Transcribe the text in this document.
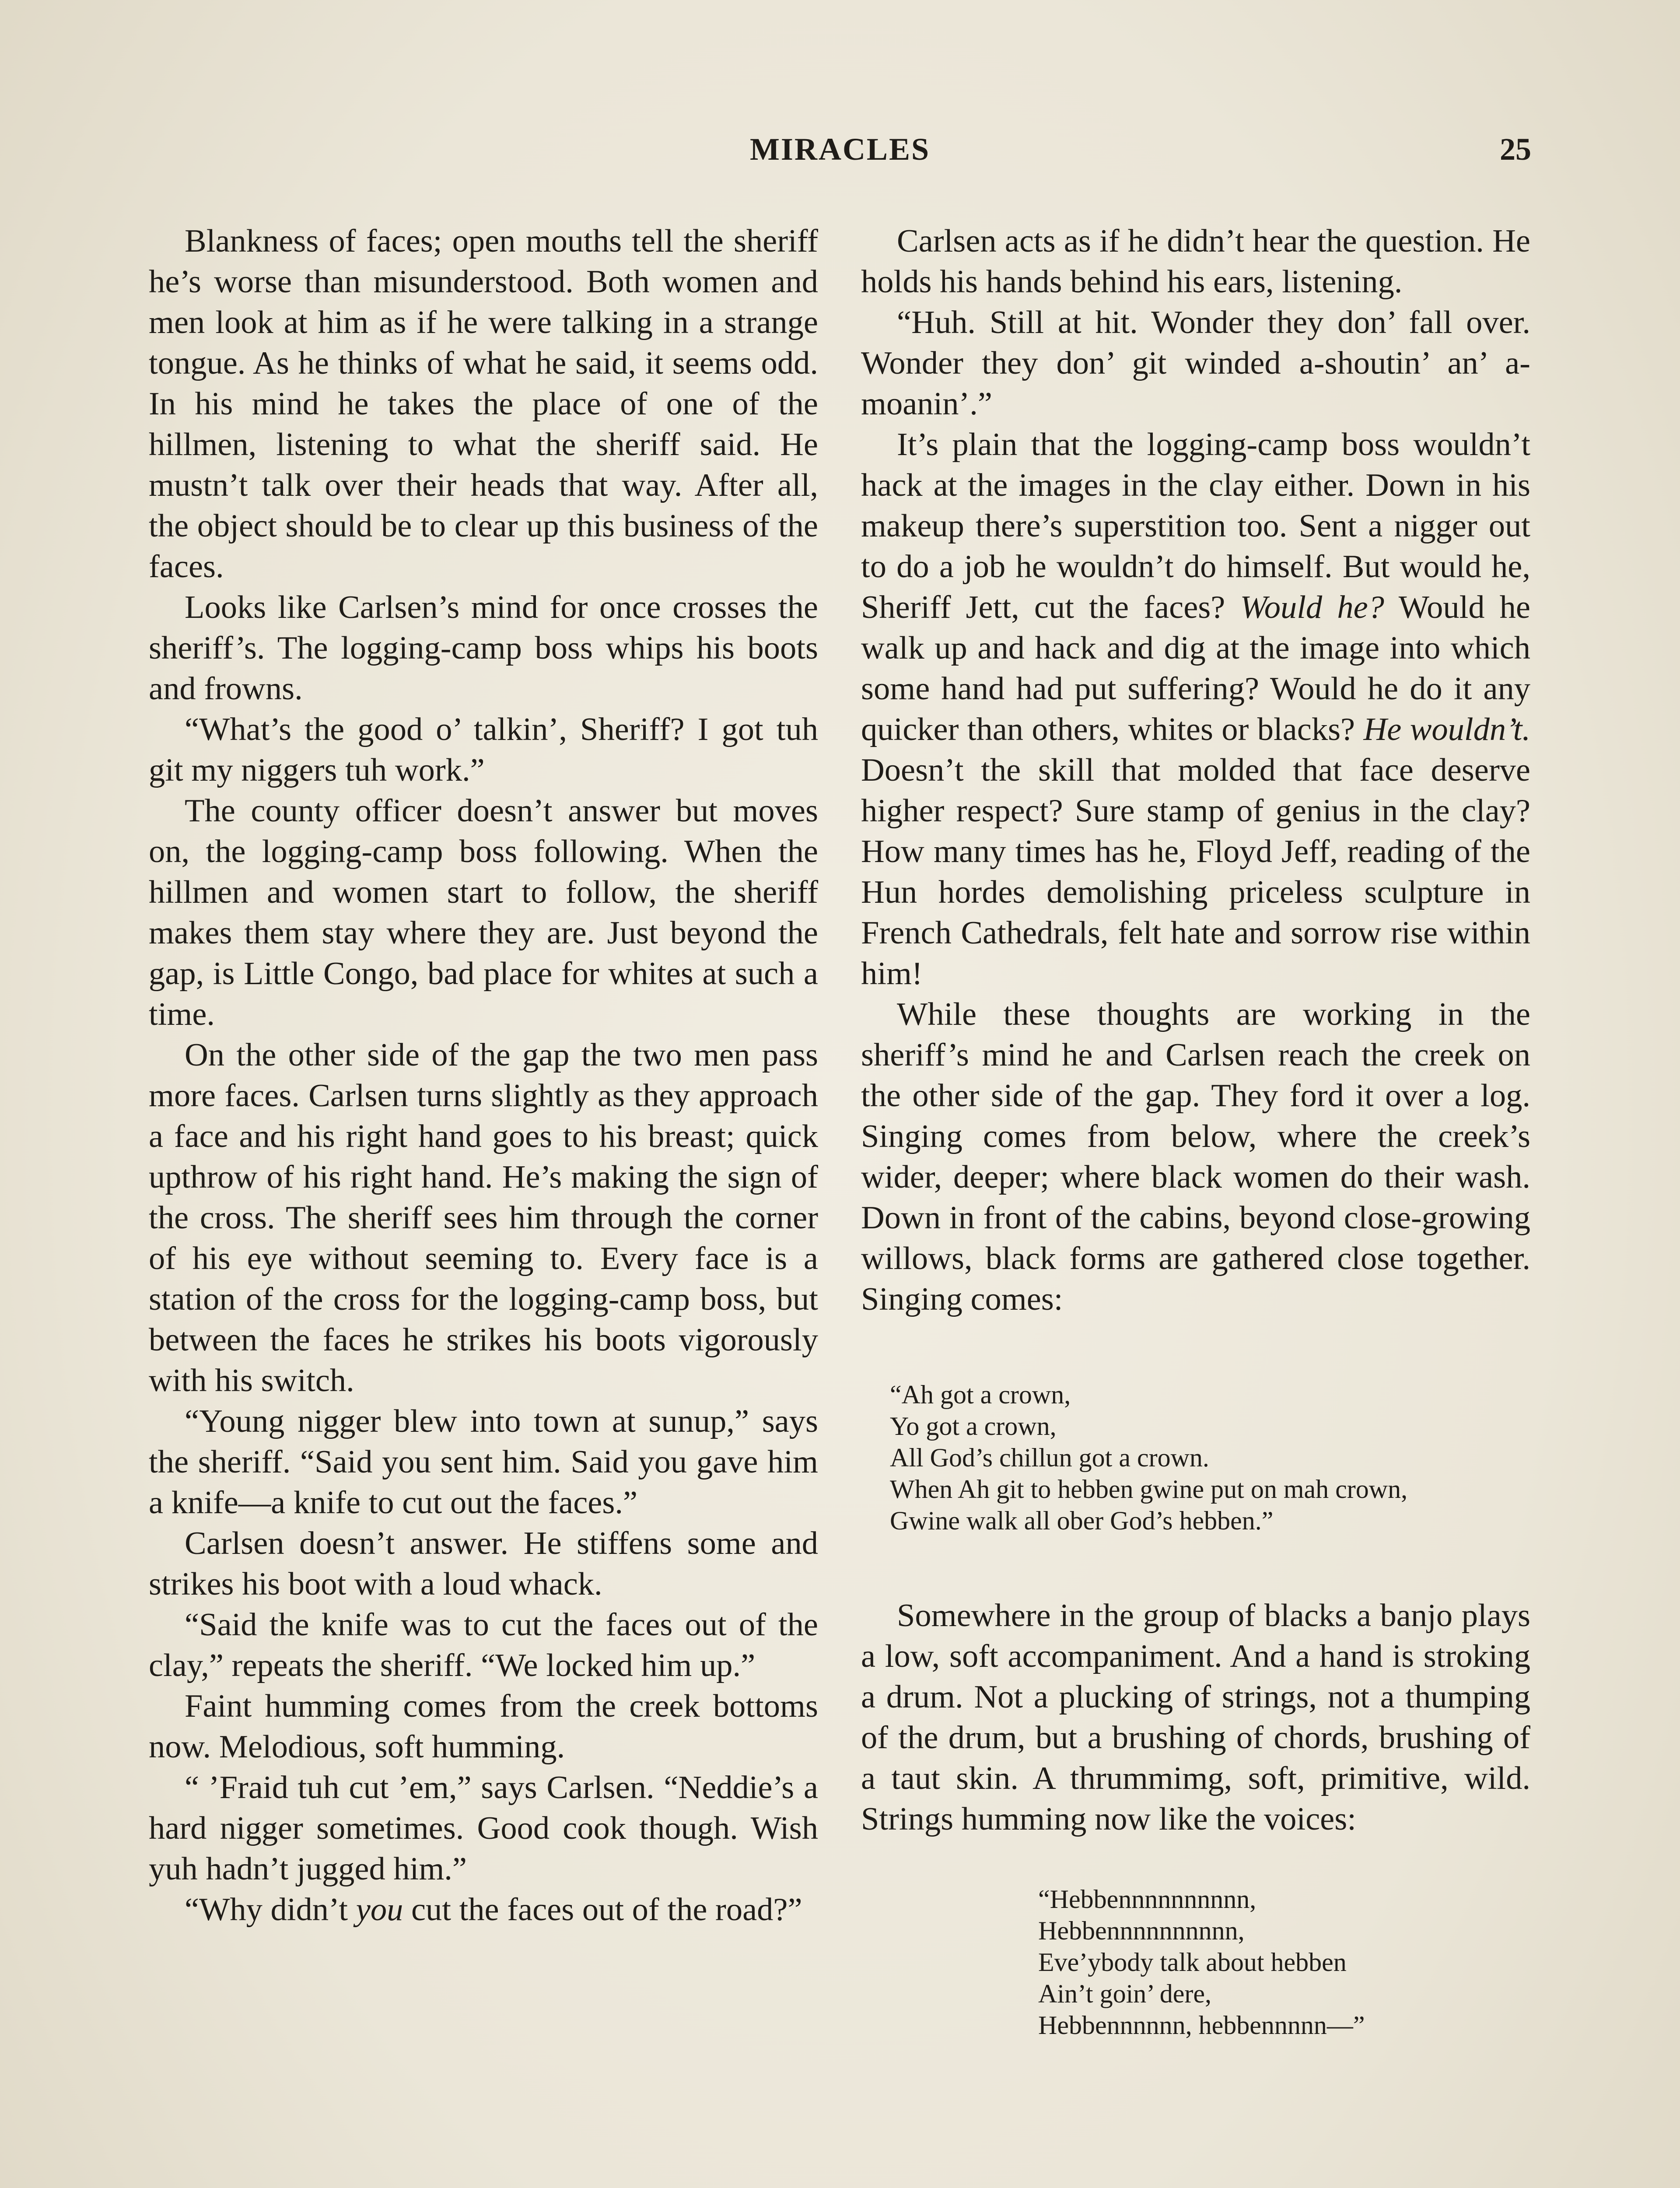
MIRACLES	25

Blankness of faces; open mouths tell the sheriff he’s worse than misunderstood. Both women and men look at him as if he were talking in a strange tongue. As he thinks of what he said, it seems odd. In his mind he takes the place of one of the hillmen, listening to what the sheriff said. He mustn’t talk over their heads that way. After all, the object should be to clear up this business of the faces.

Looks like Carlsen’s mind for once crosses the sheriff’s. The logging-camp boss whips his boots and frowns.

“What’s the good o’ talkin’, Sheriff? I got tuh git my niggers tuh work.”

The county officer doesn’t answer but moves on, the logging-camp boss following. When the hillmen and women start to follow, the sheriff makes them stay where they are. Just beyond the gap, is Little Congo, bad place for whites at such a time.

On the other side of the gap the two men pass more faces. Carlsen turns slightly as they approach a face and his right hand goes to his breast; quick upthrow of his right hand. He’s making the sign of the cross. The sheriff sees him through the corner of his eye without seeming to. Every face is a station of the cross for the logging-camp boss, but between the faces he strikes his boots vigorously with his switch.

“Young nigger blew into town at sunup,” says the sheriff. “Said you sent him. Said you gave him a knife—a knife to cut out the faces.”

Carlsen doesn’t answer. He stiffens some and strikes his boot with a loud whack.

“Said the knife was to cut the faces out of the clay,” repeats the sheriff. “We locked him up.”

Faint humming comes from the creek bottoms now. Melodious, soft humming.

“ ’Fraid tuh cut ’em,” says Carlsen. “Neddie’s a hard nigger sometimes. Good cook though. Wish yuh hadn’t jugged him.”

“Why didn’t you cut the faces out of the road?”

Carlsen acts as if he didn’t hear the question. He holds his hands behind his ears, listening.

“Huh. Still at hit. Wonder they don’ fall over. Wonder they don’ git winded a-shoutin’ an’ a-moanin’.”

It’s plain that the logging-camp boss wouldn’t hack at the images in the clay either. Down in his makeup there’s superstition too. Sent a nigger out to do a job he wouldn’t do himself. But would he, Sheriff Jett, cut the faces? Would he? Would he walk up and hack and dig at the image into which some hand had put suffering? Would he do it any quicker than others, whites or blacks? He wouldn’t. Doesn’t the skill that molded that face deserve higher respect? Sure stamp of genius in the clay? How many times has he, Floyd Jeff, reading of the Hun hordes demolishing priceless sculpture in French Cathedrals, felt hate and sorrow rise within him!

While these thoughts are working in the sheriff’s mind he and Carlsen reach the creek on the other side of the gap. They ford it over a log. Singing comes from below, where the creek’s wider, deeper; where black women do their wash. Down in front of the cabins, beyond close-growing willows, black forms are gathered close together. Singing comes:

“Ah got a crown,
Yo got a crown,
All God’s chillun got a crown.
When Ah git to hebben gwine put on mah crown,
Gwine walk all ober God’s hebben.”

Somewhere in the group of blacks a banjo plays a low, soft accompaniment. And a hand is stroking a drum. Not a plucking of strings, not a thumping of the drum, but a brushing of chords, brushing of a taut skin. A thrummimg, soft, primitive, wild. Strings humming now like the voices:

“Hebbennnnnnnnnn,
Hebbennnnnnnnnn,
Eve’ybody talk about hebben
Ain’t goin’ dere,
Hebbennnnnn, hebbennnnn—”
